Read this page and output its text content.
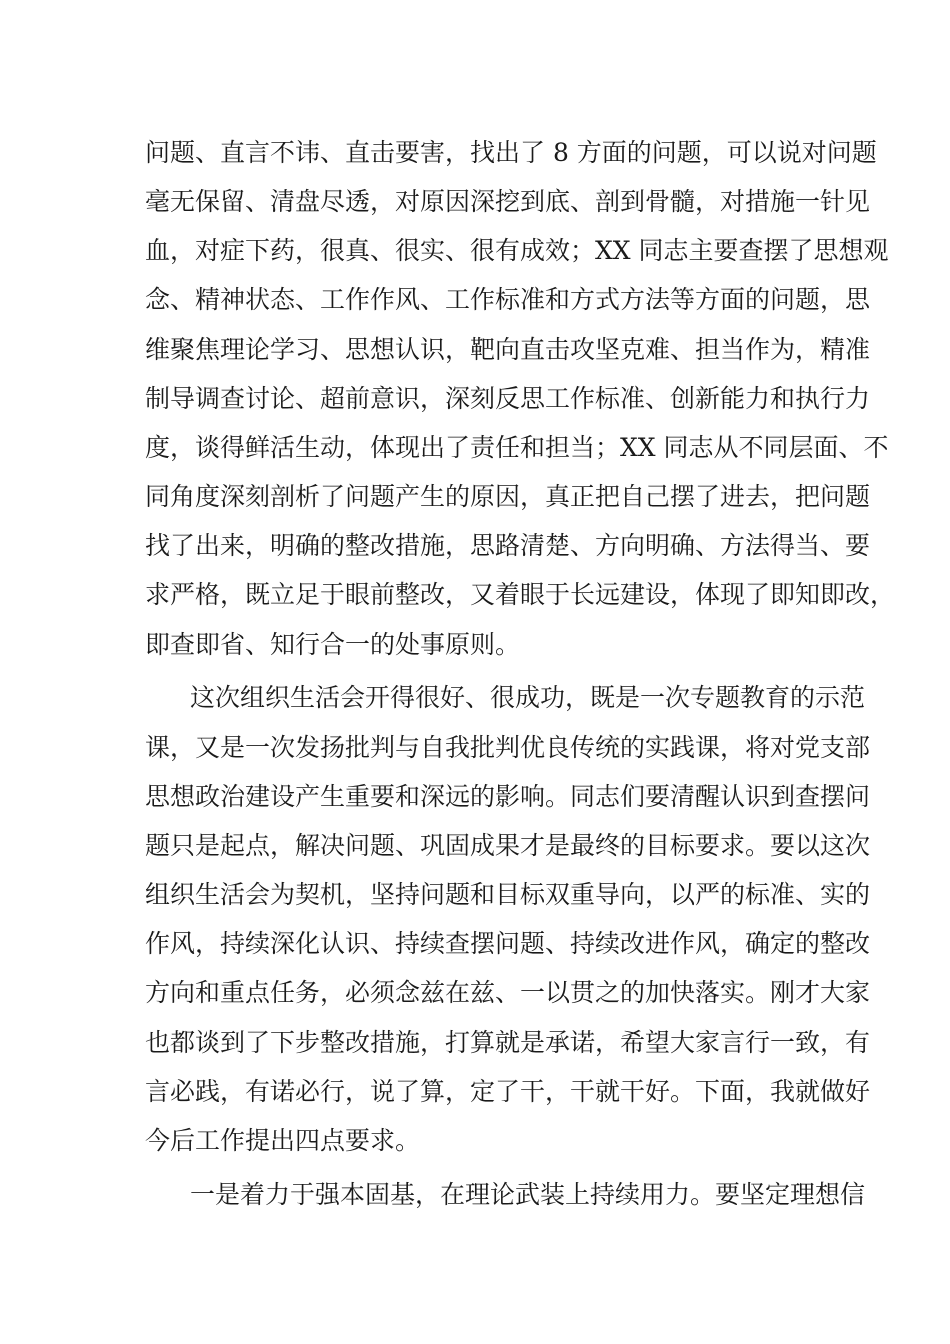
问题、直言不讳、直击要害，找出了 8 方面的问题，可以说对问题
毫无保留、清盘尽透，对原因深挖到底、剖到骨髓，对措施一针见
血，对症下药，很真、很实、很有成效；XX 同志主要查摆了思想观
念、精神状态、工作作风、工作标准和方式方法等方面的问题，思
维聚焦理论学习、思想认识，靶向直击攻坚克难、担当作为，精准
制导调查讨论、超前意识，深刻反思工作标准、创新能力和执行力
度，谈得鲜活生动，体现出了责任和担当；XX 同志从不同层面、不
同角度深刻剖析了问题产生的原因，真正把自己摆了进去，把问题
找了出来，明确的整改措施，思路清楚、方向明确、方法得当、要
求严格，既立足于眼前整改，又着眼于长远建设，体现了即知即改，
即查即省、知行合一的处事原则。
这次组织生活会开得很好、很成功，既是一次专题教育的示范
课，又是一次发扬批判与自我批判优良传统的实践课，将对党支部
思想政治建设产生重要和深远的影响。同志们要清醒认识到查摆问
题只是起点，解决问题、巩固成果才是最终的目标要求。要以这次
组织生活会为契机，坚持问题和目标双重导向，以严的标准、实的
作风，持续深化认识、持续查摆问题、持续改进作风，确定的整改
方向和重点任务，必须念兹在兹、一以贯之的加快落实。刚才大家
也都谈到了下步整改措施，打算就是承诺，希望大家言行一致，有
言必践，有诺必行，说了算，定了干，干就干好。下面，我就做好
今后工作提出四点要求。
一是着力于强本固基，在理论武装上持续用力。要坚定理想信
